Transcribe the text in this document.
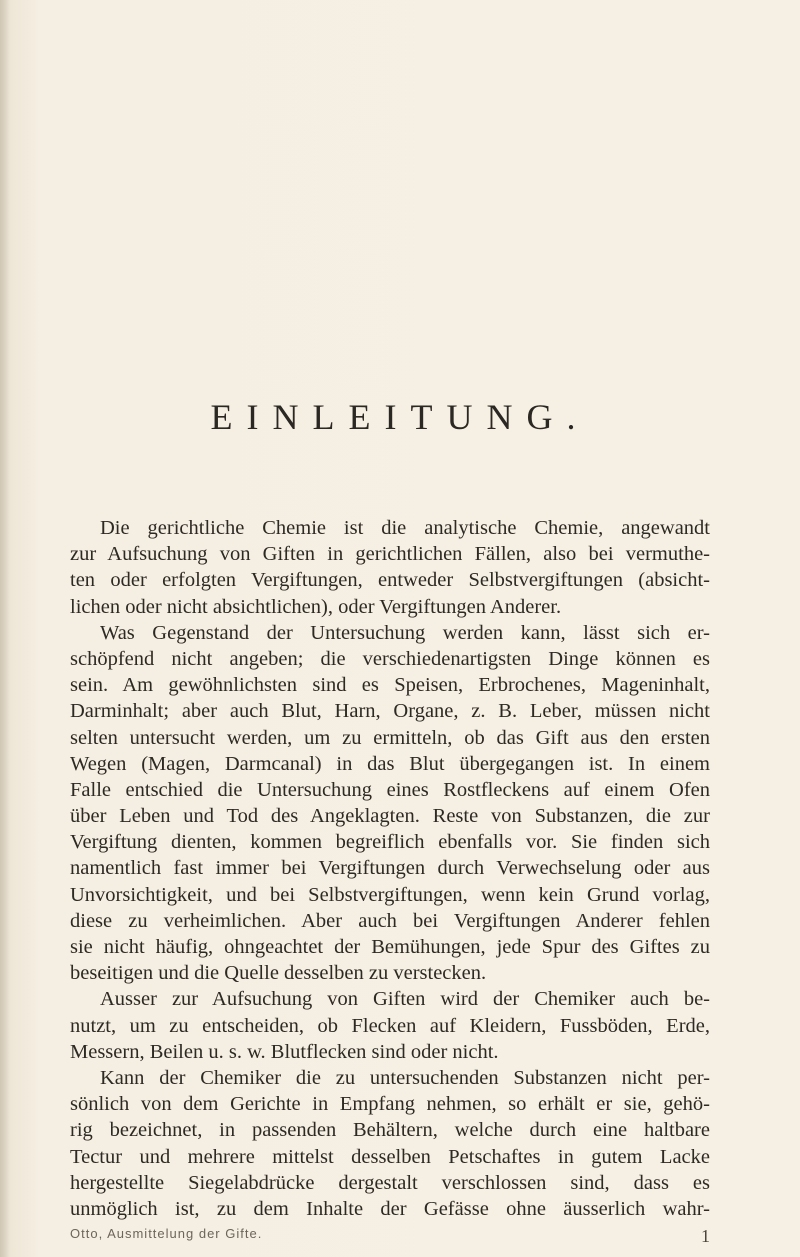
EINLEITUNG.
Die gerichtliche Chemie ist die analytische Chemie, angewandt
zur Aufsuchung von Giften in gerichtlichen Fällen, also bei vermuthe-
ten oder erfolgten Vergiftungen, entweder Selbstvergiftungen (absicht-
lichen oder nicht absichtlichen), oder Vergiftungen Anderer.
Was Gegenstand der Untersuchung werden kann, lässt sich er-
schöpfend nicht angeben; die verschiedenartigsten Dinge können es
sein. Am gewöhnlichsten sind es Speisen, Erbrochenes, Mageninhalt,
Darminhalt; aber auch Blut, Harn, Organe, z. B. Leber, müssen nicht
selten untersucht werden, um zu ermitteln, ob das Gift aus den ersten
Wegen (Magen, Darmcanal) in das Blut übergegangen ist. In einem
Falle entschied die Untersuchung eines Rostfleckens auf einem Ofen
über Leben und Tod des Angeklagten. Reste von Substanzen, die zur
Vergiftung dienten, kommen begreiflich ebenfalls vor. Sie finden sich
namentlich fast immer bei Vergiftungen durch Verwechselung oder aus
Unvorsichtigkeit, und bei Selbstvergiftungen, wenn kein Grund vorlag,
diese zu verheimlichen. Aber auch bei Vergiftungen Anderer fehlen
sie nicht häufig, ohngeachtet der Bemühungen, jede Spur des Giftes zu
beseitigen und die Quelle desselben zu verstecken.
Ausser zur Aufsuchung von Giften wird der Chemiker auch be-
nutzt, um zu entscheiden, ob Flecken auf Kleidern, Fussböden, Erde,
Messern, Beilen u. s. w. Blutflecken sind oder nicht.
Kann der Chemiker die zu untersuchenden Substanzen nicht per-
sönlich von dem Gerichte in Empfang nehmen, so erhält er sie, gehö-
rig bezeichnet, in passenden Behältern, welche durch eine haltbare
Tectur und mehrere mittelst desselben Petschaftes in gutem Lacke
hergestellte Siegelabdrücke dergestalt verschlossen sind, dass es
unmöglich ist, zu dem Inhalte der Gefässe ohne äusserlich wahr-
Otto, Ausmittelung der Gifte.	1
